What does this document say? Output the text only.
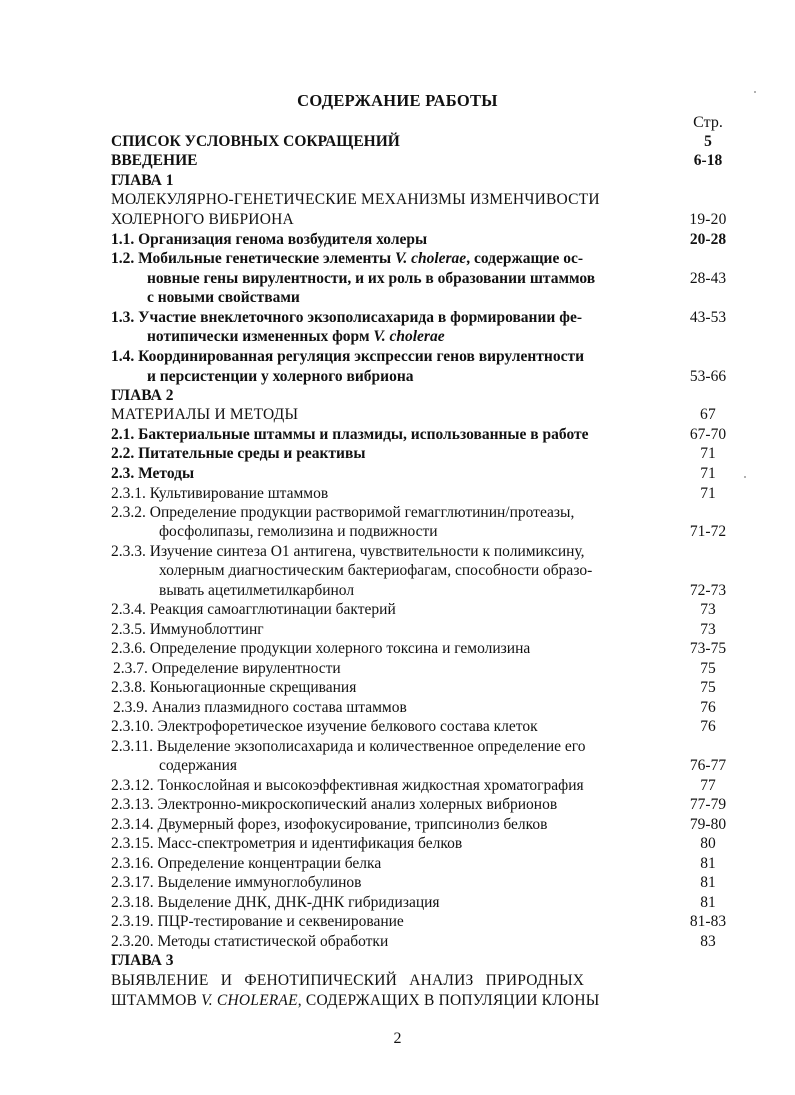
СОДЕРЖАНИЕ РАБОТЫ
Стр.
СПИСОК УСЛОВНЫХ СОКРАЩЕНИЙ	5
ВВЕДЕНИЕ	6-18
ГЛАВА 1
МОЛЕКУЛЯРНО-ГЕНЕТИЧЕСКИЕ МЕХАНИЗМЫ ИЗМЕНЧИВОСТИ
ХОЛЕРНОГО ВИБРИОНА	19-20
1.1. Организация генома возбудителя холеры	20-28
1.2. Мобильные генетические элементы V. cholerae, содержащие ос-
новные гены вирулентности, и их роль в образовании штаммов	28-43
с новыми свойствами
1.3. Участие внеклеточного экзополисахарида в формировании фе-	43-53
нотипически измененных форм V. cholerae
1.4. Координированная регуляция экспрессии генов вирулентности
и персистенции у холерного вибриона	53-66
ГЛАВА 2
МАТЕРИАЛЫ И МЕТОДЫ	67
2.1. Бактериальные штаммы и плазмиды, использованные в работе	67-70
2.2. Питательные среды и реактивы	71
2.3. Методы	71
2.3.1. Культивирование штаммов	71
2.3.2. Определение продукции растворимой гемагглютинин/протеазы,
фосфолипазы, гемолизина и подвижности	71-72
2.3.3. Изучение синтеза О1 антигена, чувствительности к полимиксину,
холерным диагностическим бактериофагам, способности образо-
вывать ацетилметилкарбинол	72-73
2.3.4. Реакция самоагглютинации бактерий	73
2.3.5. Иммуноблоттинг	73
2.3.6. Определение продукции холерного токсина и гемолизина	73-75
2.3.7. Определение вирулентности	75
2.3.8. Коньюгационные скрещивания	75
2.3.9. Анализ плазмидного состава штаммов	76
2.3.10. Электрофоретическое изучение белкового состава клеток	76
2.3.11. Выделение экзополисахарида и количественное определение его
содержания	76-77
2.3.12. Тонкослойная и высокоэффективная жидкостная хроматография	77
2.3.13. Электронно-микроскопический анализ холерных вибрионов	77-79
2.3.14. Двумерный форез, изофокусирование, трипсинолиз белков	79-80
2.3.15. Масс-спектрометрия и идентификация белков	80
2.3.16. Определение концентрации белка	81
2.3.17. Выделение иммуноглобулинов	81
2.3.18. Выделение ДНК, ДНК-ДНК гибридизация	81
2.3.19. ПЦР-тестирование и секвенирование	81-83
2.3.20. Методы статистической обработки	83
ГЛАВА 3
ВЫЯВЛЕНИЕ   И   ФЕНОТИПИЧЕСКИЙ   АНАЛИЗ   ПРИРОДНЫХ
ШТАММОВ V. CHOLERAE, СОДЕРЖАЩИХ В ПОПУЛЯЦИИ КЛОНЫ
2
